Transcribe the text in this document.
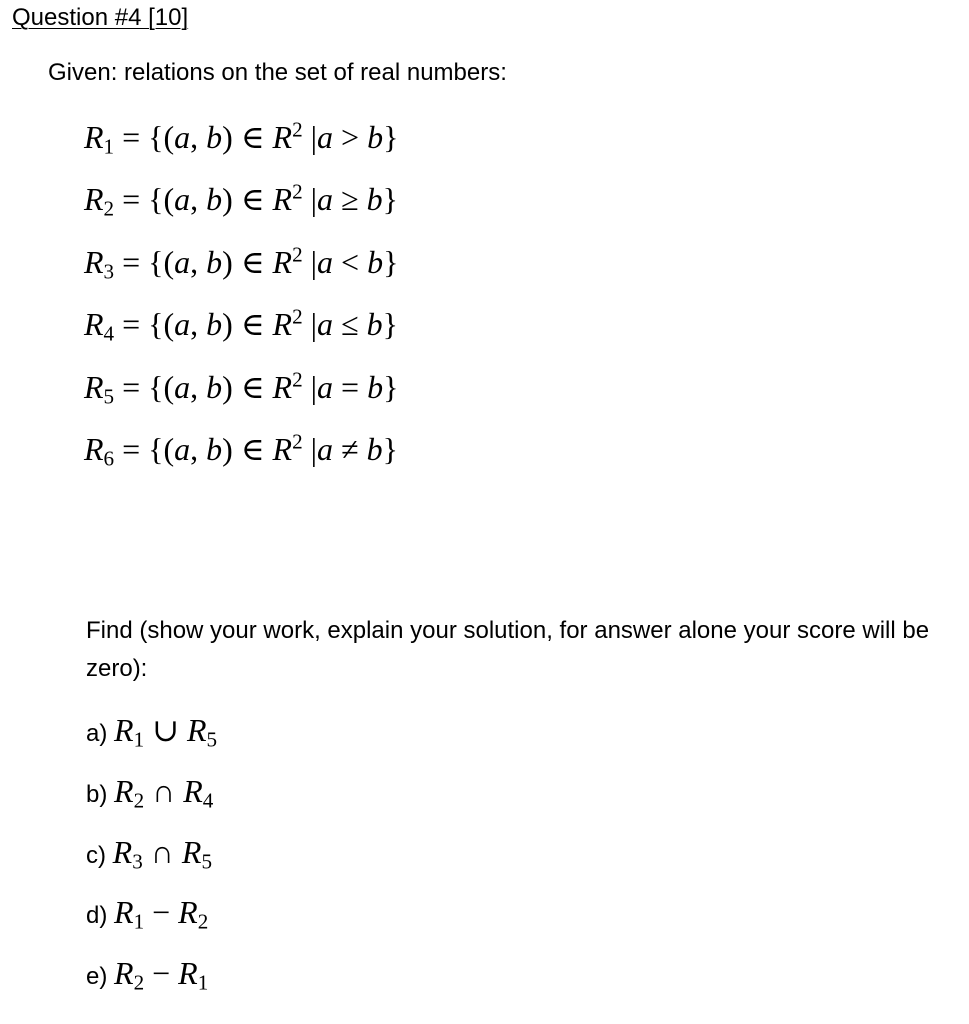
Question #4 [10]
Given: relations on the set of real numbers:
$R_1 = \{(a$, b) ∈ $R^2$ |a > b}
$R_2 = \{(a$, b) ∈ $R^2$ |a ≥ b}
$R_3 = \{(a$, b) ∈ $R^2$ |a < b}
$R_4 = \{(a$, b) ∈ $R^2$ |a ≤ b}
$R_5 = \{(a$, b) ∈ $R^2$ |a = b}
$R_6 = \{(a$, b) ∈ $R^2$ |a ≠ b}
Find (show your work, explain your solution, for answer alone your score will be zero):
a) $R_1$ ∪ $R_5$
b) $R_2$ ∩ $R_4$
c) $R_3$ ∩ $R_5$
d) $R_1 - R_2$
e) $R_2 - R_1$
